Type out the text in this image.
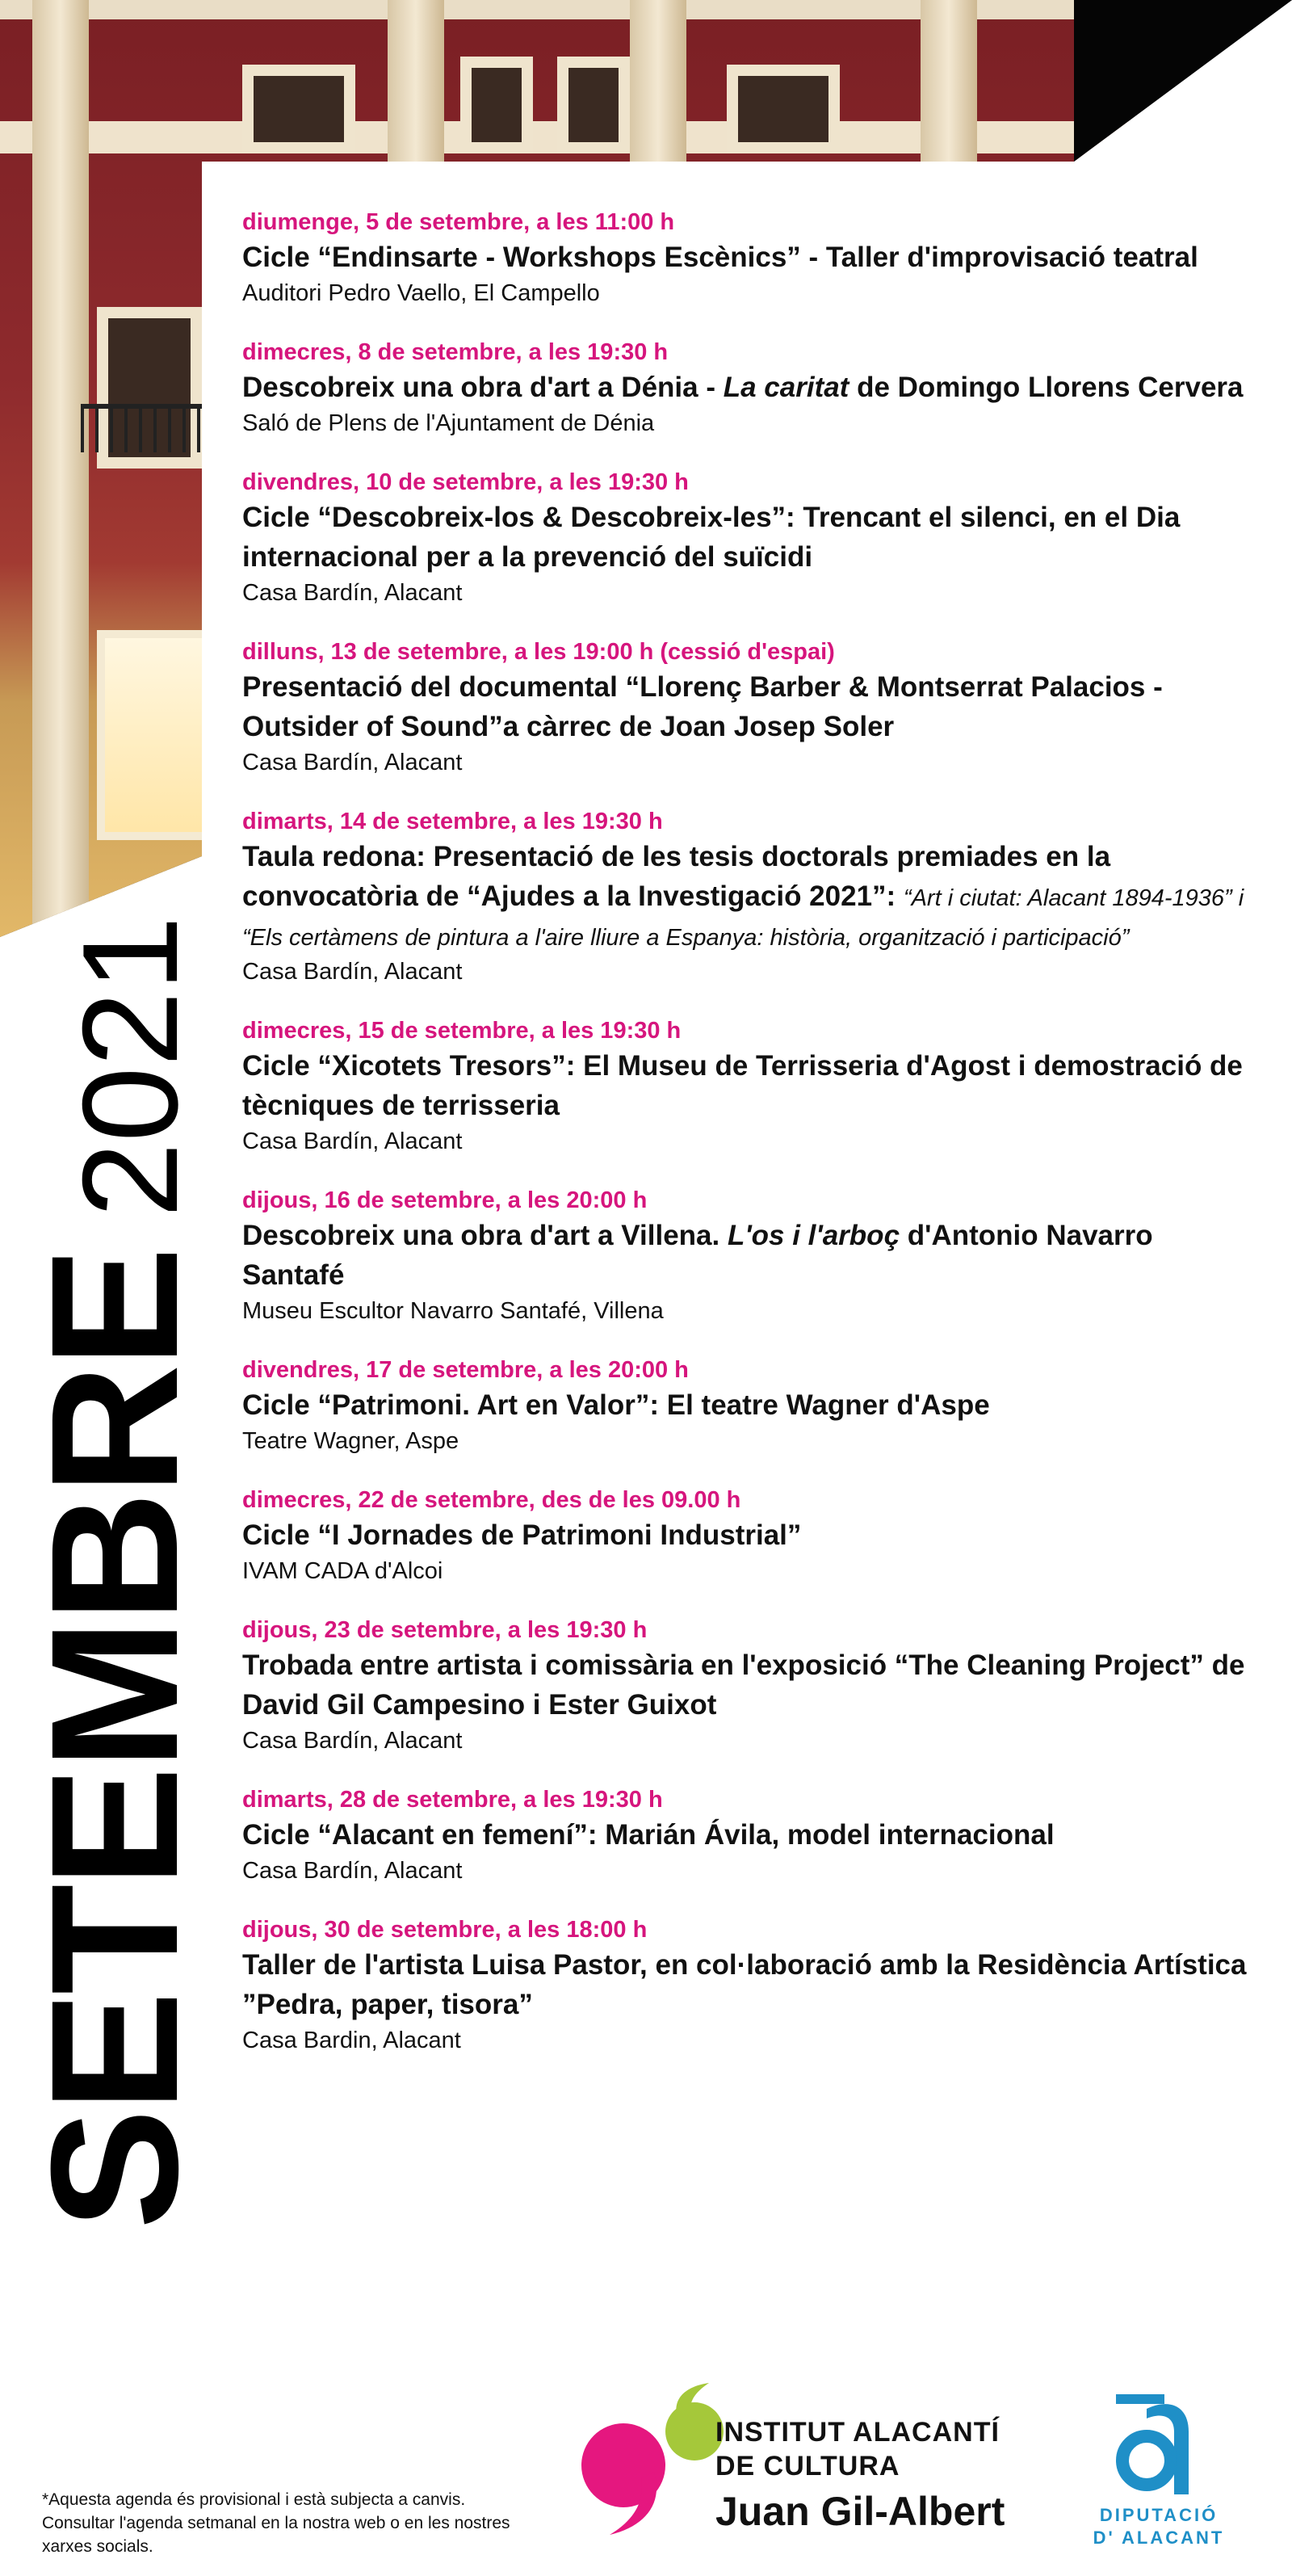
SETEMBRE2021
diumenge, 5 de setembre, a les 11:00 h
Cicle “Endinsarte - Workshops Escènics” - Taller d'improvisació teatral
Auditori Pedro Vaello, El Campello
dimecres, 8 de setembre, a les 19:30 h
Descobreix una obra d'art a Dénia - La caritat de Domingo Llorens Cervera
Saló de Plens de l'Ajuntament de Dénia
divendres, 10 de setembre, a les 19:30 h
Cicle “Descobreix-los & Descobreix-les”: Trencant el silenci, en el Dia internacional per a la prevenció del suïcidi
Casa Bardín, Alacant
dilluns, 13 de setembre, a les 19:00 h (cessió d'espai)
Presentació del documental “Llorenç Barber & Montserrat Palacios - Outsider of Sound”a càrrec de Joan Josep Soler
Casa Bardín, Alacant
dimarts, 14 de setembre, a les 19:30 h
Taula redona: Presentació de les tesis doctorals premiades en la convocatòria de “Ajudes a la Investigació 2021”: “Art i ciutat: Alacant 1894-1936” i “Els certàmens de pintura a l'aire lliure a Espanya: història, organització i participació”
Casa Bardín, Alacant
dimecres, 15 de setembre, a les 19:30 h
Cicle “Xicotets Tresors”: El Museu de Terrisseria d'Agost i demostració de tècniques de terrisseria
Casa Bardín, Alacant
dijous, 16 de setembre, a les 20:00 h
Descobreix una obra d'art a Villena. L'os i l'arboç d'Antonio Navarro Santafé
Museu Escultor Navarro Santafé, Villena
divendres, 17 de setembre, a les 20:00 h
Cicle “Patrimoni. Art en Valor”: El teatre Wagner d'Aspe
Teatre Wagner, Aspe
dimecres, 22 de setembre, des de les 09.00 h
Cicle “I Jornades de Patrimoni Industrial”
IVAM CADA d'Alcoi
dijous, 23 de setembre, a les 19:30 h
Trobada entre artista i comissària en l'exposició “The Cleaning Project” de David Gil Campesino i Ester Guixot
Casa Bardín, Alacant
dimarts, 28 de setembre, a les 19:30 h
Cicle “Alacant en femení”: Marián Ávila, model internacional
Casa Bardín, Alacant
dijous, 30 de setembre, a les 18:00 h
Taller de l'artista Luisa Pastor, en col·laboració amb la Residència Artística ”Pedra, paper, tisora”
Casa Bardin, Alacant
*Aquesta agenda és provisional i està subjecta a canvis. Consultar l'agenda setmanal en la nostra web o en les nostres xarxes socials.
INSTITUT ALACANTÍ
DE CULTURA
Juan Gil-Albert	DIPUTACIÓ
D' ALACANT
